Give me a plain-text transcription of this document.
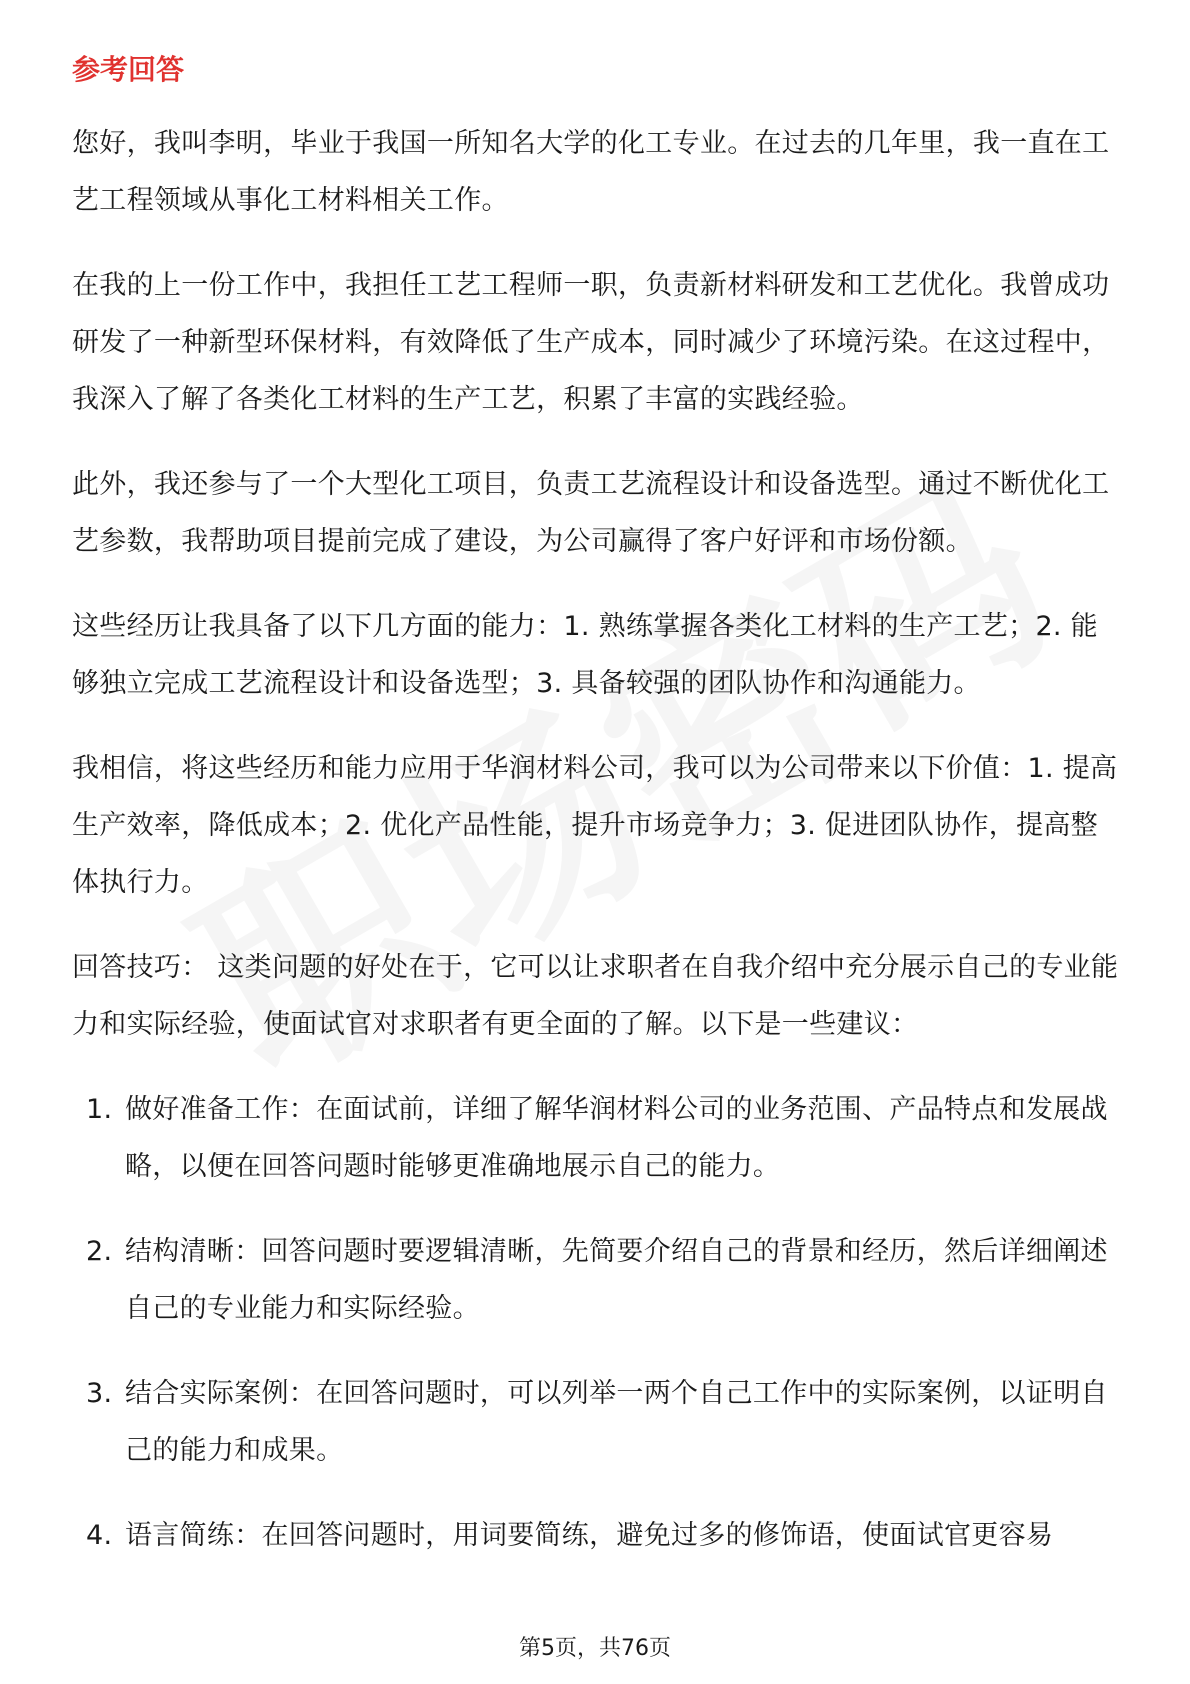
参考回答

您好，我叫李明，毕业于我国一所知名大学的化工专业。在过去的几年里，我一直在工艺工程领域从事化工材料相关工作。

在我的上一份工作中，我担任工艺工程师一职，负责新材料研发和工艺优化。我曾成功研发了一种新型环保材料，有效降低了生产成本，同时减少了环境污染。在这过程中，我深入了解了各类化工材料的生产工艺，积累了丰富的实践经验。

此外，我还参与了一个大型化工项目，负责工艺流程设计和设备选型。通过不断优化工艺参数，我帮助项目提前完成了建设，为公司赢得了客户好评和市场份额。

这些经历让我具备了以下几方面的能力：1. 熟练掌握各类化工材料的生产工艺；2. 能够独立完成工艺流程设计和设备选型；3. 具备较强的团队协作和沟通能力。

我相信，将这些经历和能力应用于华润材料公司，我可以为公司带来以下价值：1. 提高生产效率，降低成本；2. 优化产品性能，提升市场竞争力；3. 促进团队协作，提高整体执行力。

回答技巧： 这类问题的好处在于，它可以让求职者在自我介绍中充分展示自己的专业能力和实际经验，使面试官对求职者有更全面的了解。以下是一些建议：

1. 做好准备工作：在面试前，详细了解华润材料公司的业务范围、产品特点和发展战略，以便在回答问题时能够更准确地展示自己的能力。
2. 结构清晰：回答问题时要逻辑清晰，先简要介绍自己的背景和经历，然后详细阐述自己的专业能力和实际经验。
3. 结合实际案例：在回答问题时，可以列举一两个自己工作中的实际案例，以证明自己的能力和成果。
4. 语言简练：在回答问题时，用词要简练，避免过多的修饰语，使面试官更容易
第5页，共76页
